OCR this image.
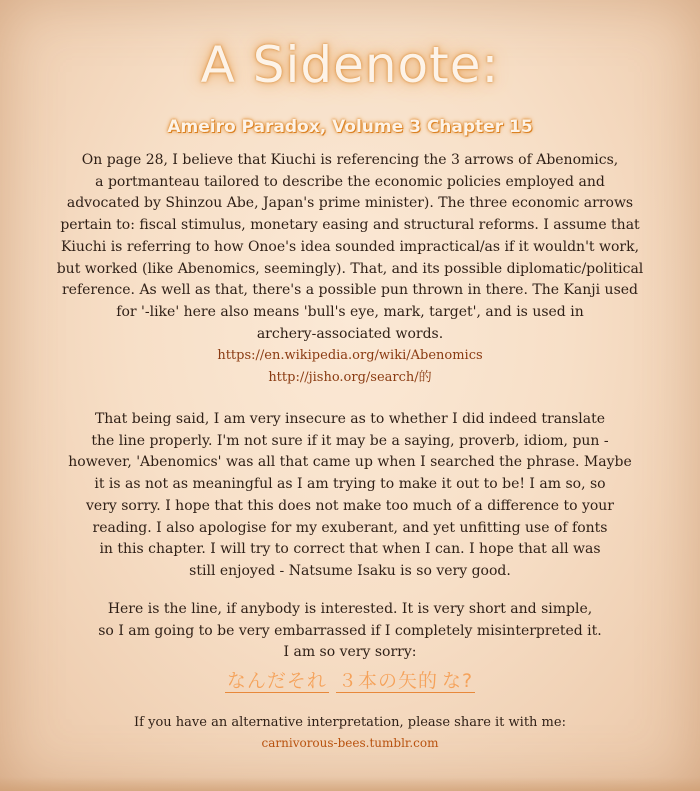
A Sidenote:
Ameiro Paradox, Volume 3 Chapter 15
On page 28, I believe that Kiuchi is referencing the 3 arrows of Abenomics,
a portmanteau tailored to describe the economic policies employed and
advocated by Shinzou Abe, Japan's prime minister). The three economic arrows
pertain to: fiscal stimulus, monetary easing and structural reforms. I assume that
Kiuchi is referring to how Onoe's idea sounded impractical/as if it wouldn't work,
but worked (like Abenomics, seemingly). That, and its possible diplomatic/political
reference. As well as that, there's a possible pun thrown in there. The Kanji used
for '-like' here also means 'bull's eye, mark, target', and is used in
archery-associated words.
https://en.wikipedia.org/wiki/Abenomics
http://jisho.org/search/的
That being said, I am very insecure as to whether I did indeed translate
the line properly. I'm not sure if it may be a saying, proverb, idiom, pun -
however, 'Abenomics' was all that came up when I searched the phrase. Maybe
it is as not as meaningful as I am trying to make it out to be! I am so, so
very sorry. I hope that this does not make too much of a difference to your
reading. I also apologise for my exuberant, and yet unfitting use of fonts
in this chapter. I will try to correct that when I can. I hope that all was
still enjoyed - Natsume Isaku is so very good.
Here is the line, if anybody is interested. It is very short and simple,
so I am going to be very embarrassed if I completely misinterpreted it.
I am so very sorry:
なんだそれ ３本の矢的 な?
If you have an alternative interpretation, please share it with me:
carnivorous-bees.tumblr.com
